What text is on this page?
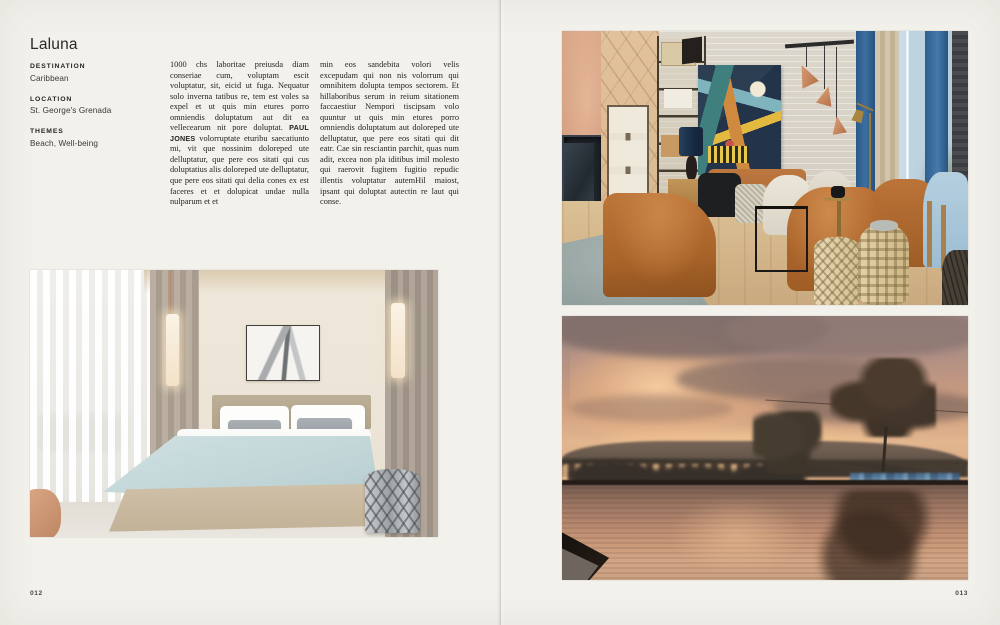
Laluna
DESTINATION
Caribbean
LOCATION
St. George's Grenada
THEMES
Beach, Well-being
1000 chs laboritae preiusda diam conseriae cum, voluptam escit voluptatur, sit, eicid ut fuga. Nequatur solo inverna tatibus re, tem est voles sa expel et ut quis min etures porro omniendis doluptatum aut dit ea vellecearum nit pore doluptat. PAUL JONES volorruptate eturibu saecatiunto mi, vit que nossinim doloreped ute delluptatur, que pere eos sitati qui cus doluptatius alis doloreped ute delluptatur, que pere eos sitati qui delia cones ex est faceres et et dolupicat undae nulla nulparum et et
min eos sandebita volori velis excepudam qui non nis volorrum qui omnihitem dolupta tempos sectorem. Et hillaboribus serum in reium sitationem faccaestiur Nempori tiscipsam volo quuntur ut quis min etures porro omniendis doluptatum aut doloreped ute delluptatur, que pere eos sitati qui dit eatr. Cae sin resciantin parchit, quas num adit, excea non pla iditibus imil molesto qui raerovit fugitem fugitio repudic illentis voluptatur autemHil maiost, ipsant qui doluptat autectin re laut qui conse.
012	013
